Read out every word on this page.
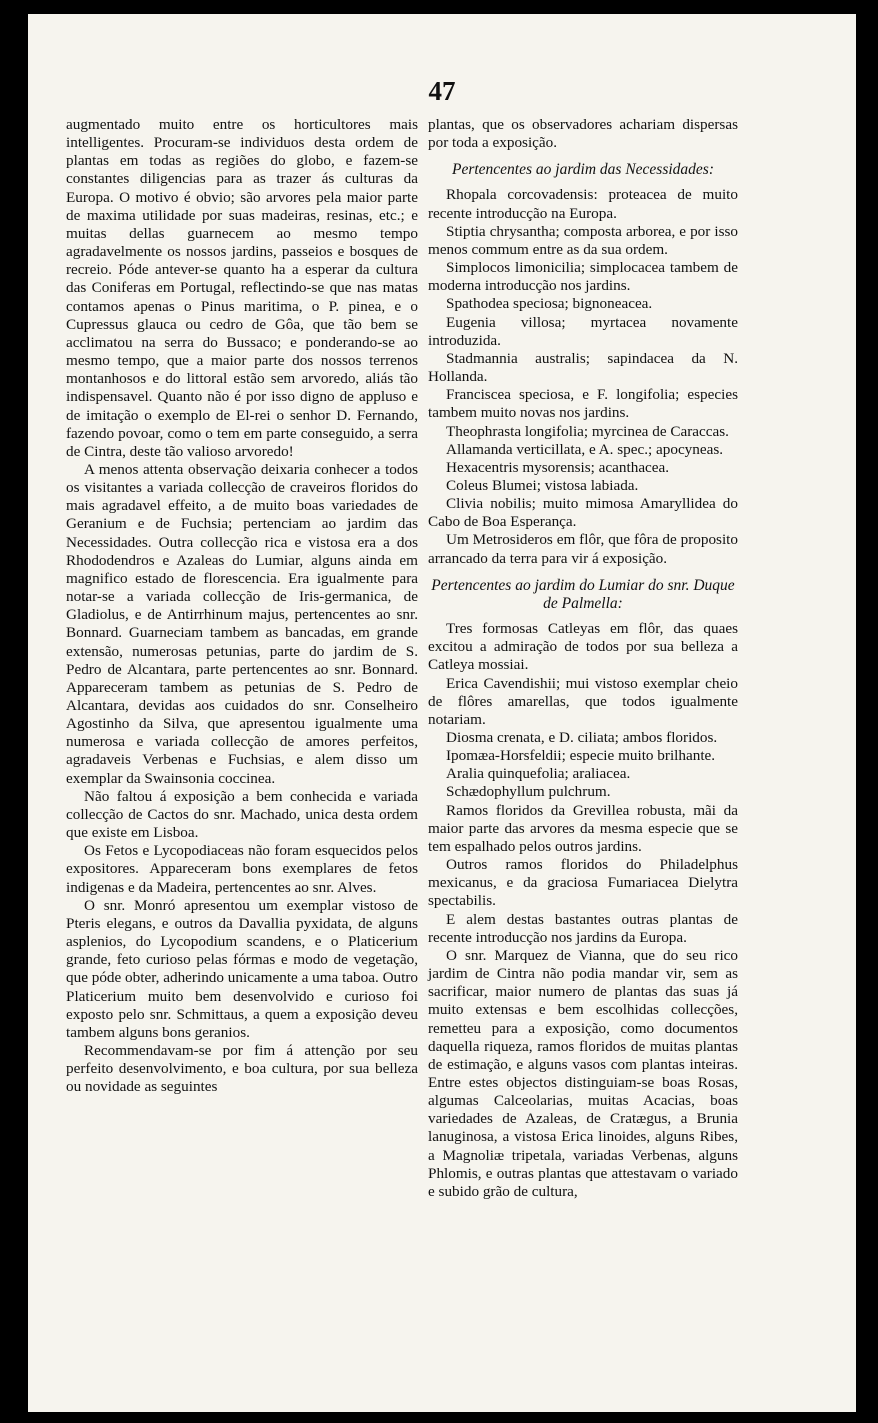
47

augmentado muito entre os horticultores mais intelligentes. Procuram-se individuos desta ordem de plantas em todas as regiões do globo, e fazem-se constantes diligencias para as trazer ás culturas da Europa. O motivo é obvio; são arvores pela maior parte de maxima utilidade por suas madeiras, resinas, etc.; e muitas dellas guarnecem ao mesmo tempo agradavelmente os nossos jardins, passeios e bosques de recreio. Póde antever-se quanto ha a esperar da cultura das Coniferas em Portugal, reflectindo-se que nas matas contamos apenas o Pinus maritima, o P. pinea, e o Cupressus glauca ou cedro de Gôa, que tão bem se acclimatou na serra do Bussaco; e ponderando-se ao mesmo tempo, que a maior parte dos nossos terrenos montanhosos e do littoral estão sem arvoredo, aliás tão indispensavel. Quanto não é por isso digno de appluso e de imitação o exemplo de El-rei o senhor D. Fernando, fazendo povoar, como o tem em parte conseguido, a serra de Cintra, deste tão valioso arvoredo!

A menos attenta observação deixaria conhecer a todos os visitantes a variada collecção de craveiros floridos do mais agradavel effeito, a de muito boas variedades de Geranium e de Fuchsia; pertenciam ao jardim das Necessidades. Outra collecção rica e vistosa era a dos Rhododendros e Azaleas do Lumiar, alguns ainda em magnifico estado de florescencia. Era igualmente para notar-se a variada collecção de Iris-germanica, de Gladiolus, e de Antirrhinum majus, pertencentes ao snr. Bonnard. Guarneciam tambem as bancadas, em grande extensão, numerosas petunias, parte do jardim de S. Pedro de Alcantara, parte pertencentes ao snr. Bonnard. Appareceram tambem as petunias de S. Pedro de Alcantara, devidas aos cuidados do snr. Conselheiro Agostinho da Silva, que apresentou igualmente uma numerosa e variada collecção de amores perfeitos, agradaveis Verbenas e Fuchsias, e alem disso um exemplar da Swainsonia coccinea.

Não faltou á exposição a bem conhecida e variada collecção de Cactos do snr. Machado, unica desta ordem que existe em Lisboa.

Os Fetos e Lycopodiaceas não foram esquecidos pelos expositores. Appareceram bons exemplares de fetos indigenas e da Madeira, pertencentes ao snr. Alves.

O snr. Monró apresentou um exemplar vistoso de Pteris elegans, e outros da Davallia pyxidata, de alguns asplenios, do Lycopodium scandens, e o Platicerium grande, feto curioso pelas fórmas e modo de vegetação, que póde obter, adherindo unicamente a uma taboa. Outro Platicerium muito bem desenvolvido e curioso foi exposto pelo snr. Schmittaus, a quem a exposição deveu tambem alguns bons geranios.

Recommendavam-se por fim á attenção por seu perfeito desenvolvimento, e boa cultura, por sua belleza ou novidade as seguintes

plantas, que os observadores achariam dispersas por toda a exposição.

Pertencentes ao jardim das Necessidades:

Rhopala corcovadensis: proteacea de muito recente introducção na Europa.

Stiptia chrysantha; composta arborea, e por isso menos commum entre as da sua ordem.

Simplocos limonicilia; simplocacea tambem de moderna introducção nos jardins.

Spathodea speciosa; bignoneacea.

Eugenia villosa; myrtacea novamente introduzida.

Stadmannia australis; sapindacea da N. Hollanda.

Franciscea speciosa, e F. longifolia; especies tambem muito novas nos jardins.

Theophrasta longifolia; myrcinea de Caraccas.

Allamanda verticillata, e A. spec.; apocyneas.

Hexacentris mysorensis; acanthacea.

Coleus Blumei; vistosa labiada.

Clivia nobilis; muito mimosa Amaryllidea do Cabo de Boa Esperança.

Um Metrosideros em flôr, que fôra de proposito arrancado da terra para vir á exposição.

Pertencentes ao jardim do Lumiar do snr. Duque de Palmella:

Tres formosas Catleyas em flôr, das quaes excitou a admiração de todos por sua belleza a Catleya mossiai.

Erica Cavendishii; mui vistoso exemplar cheio de flôres amarellas, que todos igualmente notariam.

Diosma crenata, e D. ciliata; ambos floridos.

Ipomæa-Horsfeldii; especie muito brilhante.

Aralia quinquefolia; araliacea.

Schædophyllum pulchrum.

Ramos floridos da Grevillea robusta, mãi da maior parte das arvores da mesma especie que se tem espalhado pelos outros jardins.

Outros ramos floridos do Philadelphus mexicanus, e da graciosa Fumariacea Dielytra spectabilis.

E alem destas bastantes outras plantas de recente introducção nos jardins da Europa.

O snr. Marquez de Vianna, que do seu rico jardim de Cintra não podia mandar vir, sem as sacrificar, maior numero de plantas das suas já muito extensas e bem escolhidas collecções, remetteu para a exposição, como documentos daquella riqueza, ramos floridos de muitas plantas de estimação, e alguns vasos com plantas inteiras. Entre estes objectos distinguiam-se boas Rosas, algumas Calceolarias, muitas Acacias, boas variedades de Azaleas, de Cratægus, a Brunia lanuginosa, a vistosa Erica linoides, alguns Ribes, a Magnoliæ tripetala, variadas Verbenas, alguns Phlomis, e outras plantas que attestavam o variado e subido grão de cultura,
